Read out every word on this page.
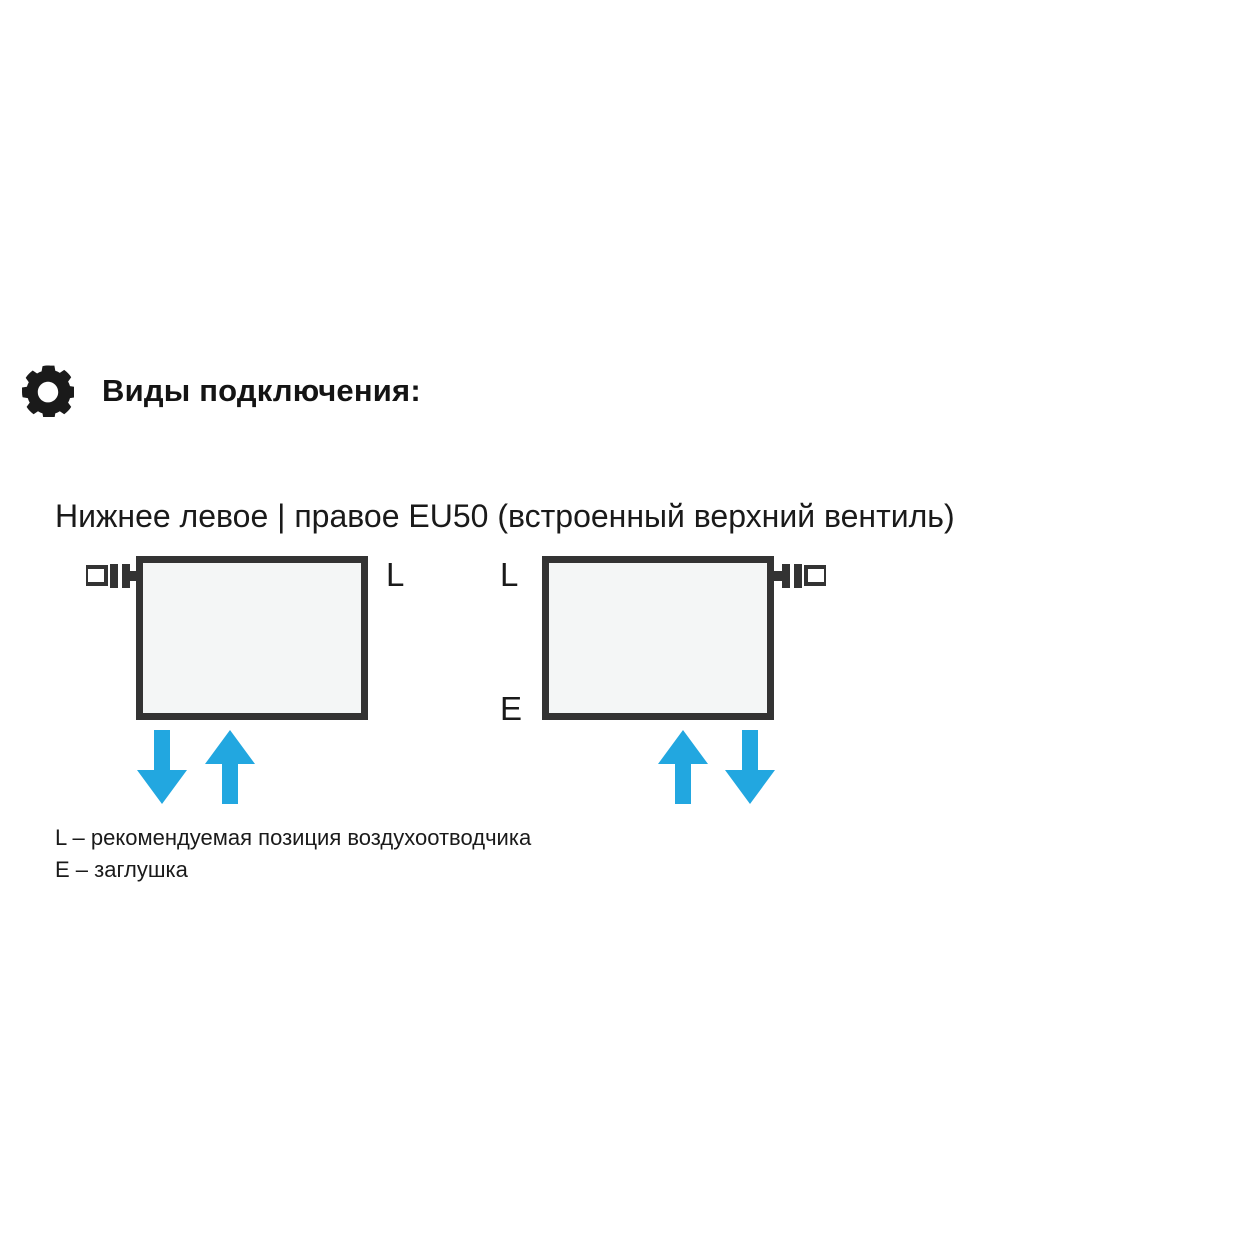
Виды подключения:
Нижнее левое | правое EU50 (встроенный верхний вентиль)
L	L
E
L – рекомендуемая позиция воздухоотводчика
E – заглушка
